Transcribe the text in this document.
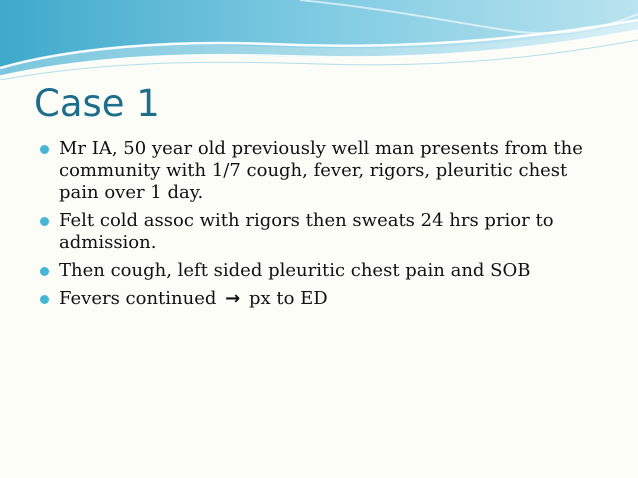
Case 1
Mr IA, 50 year old previously well man presents from the community with 1/7 cough, fever, rigors, pleuritic chest pain over 1 day.
Felt cold assoc with rigors then sweats 24 hrs prior to admission.
Then cough, left sided pleuritic chest pain and SOB
Fevers continued → px to ED
